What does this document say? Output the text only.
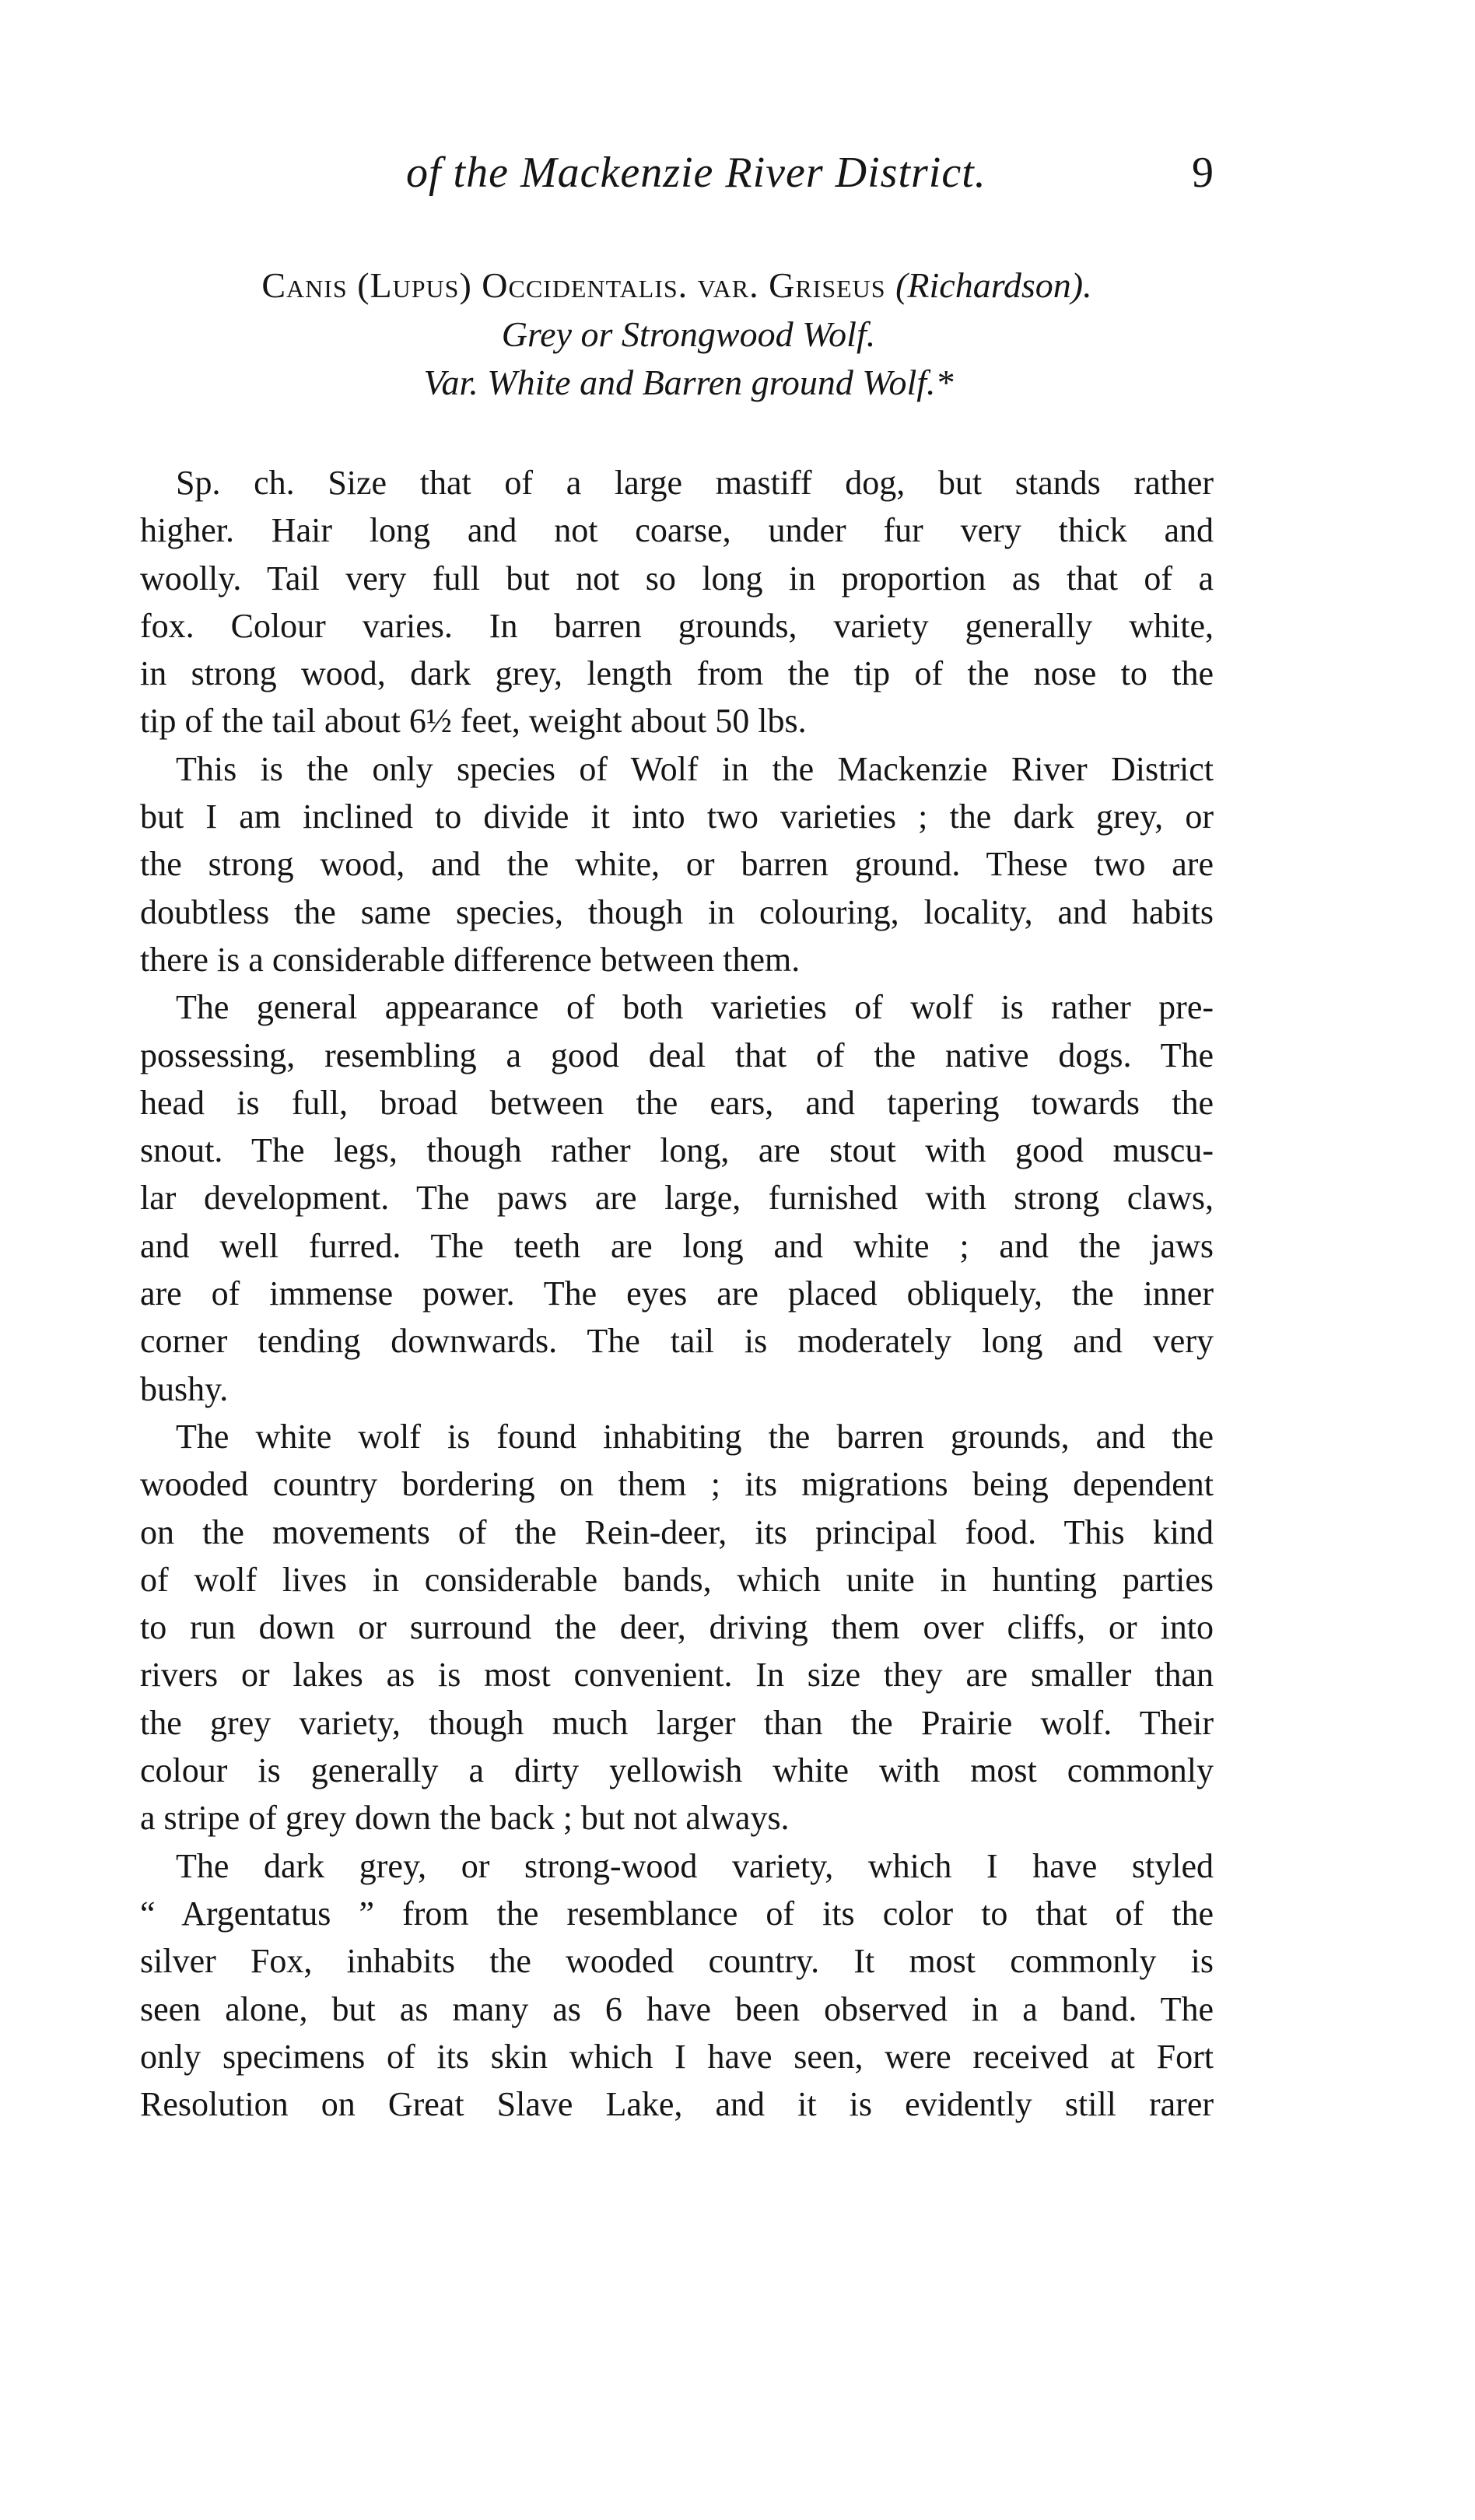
of the Mackenzie River District.	9
Canis (Lupus) Occidentalis. var. Griseus (Richardson).
Grey or Strongwood Wolf.
Var. White and Barren ground Wolf.*
Sp. ch. Size that of a large mastiff dog, but stands rather
higher. Hair long and not coarse, under fur very thick and
woolly. Tail very full but not so long in proportion as that of a
fox. Colour varies. In barren grounds, variety generally white,
in strong wood, dark grey, length from the tip of the nose to the
tip of the tail about 6½ feet, weight about 50 lbs.
This is the only species of Wolf in the Mackenzie River District
but I am inclined to divide it into two varieties ; the dark grey, or
the strong wood, and the white, or barren ground. These two are
doubtless the same species, though in colouring, locality, and habits
there is a considerable difference between them.
The general appearance of both varieties of wolf is rather pre-
possessing, resembling a good deal that of the native dogs. The
head is full, broad between the ears, and tapering towards the
snout. The legs, though rather long, are stout with good muscu-
lar development. The paws are large, furnished with strong claws,
and well furred. The teeth are long and white ; and the jaws
are of immense power. The eyes are placed obliquely, the inner
corner tending downwards. The tail is moderately long and very
bushy.
The white wolf is found inhabiting the barren grounds, and the
wooded country bordering on them ; its migrations being dependent
on the movements of the Rein-deer, its principal food. This kind
of wolf lives in considerable bands, which unite in hunting parties
to run down or surround the deer, driving them over cliffs, or into
rivers or lakes as is most convenient. In size they are smaller than
the grey variety, though much larger than the Prairie wolf. Their
colour is generally a dirty yellowish white with most commonly
a stripe of grey down the back ; but not always.
The dark grey, or strong-wood variety, which I have styled
“ Argentatus ” from the resemblance of its color to that of the
silver Fox, inhabits the wooded country. It most commonly is
seen alone, but as many as 6 have been observed in a band. The
only specimens of its skin which I have seen, were received at Fort
Resolution on Great Slave Lake, and it is evidently still rarer
